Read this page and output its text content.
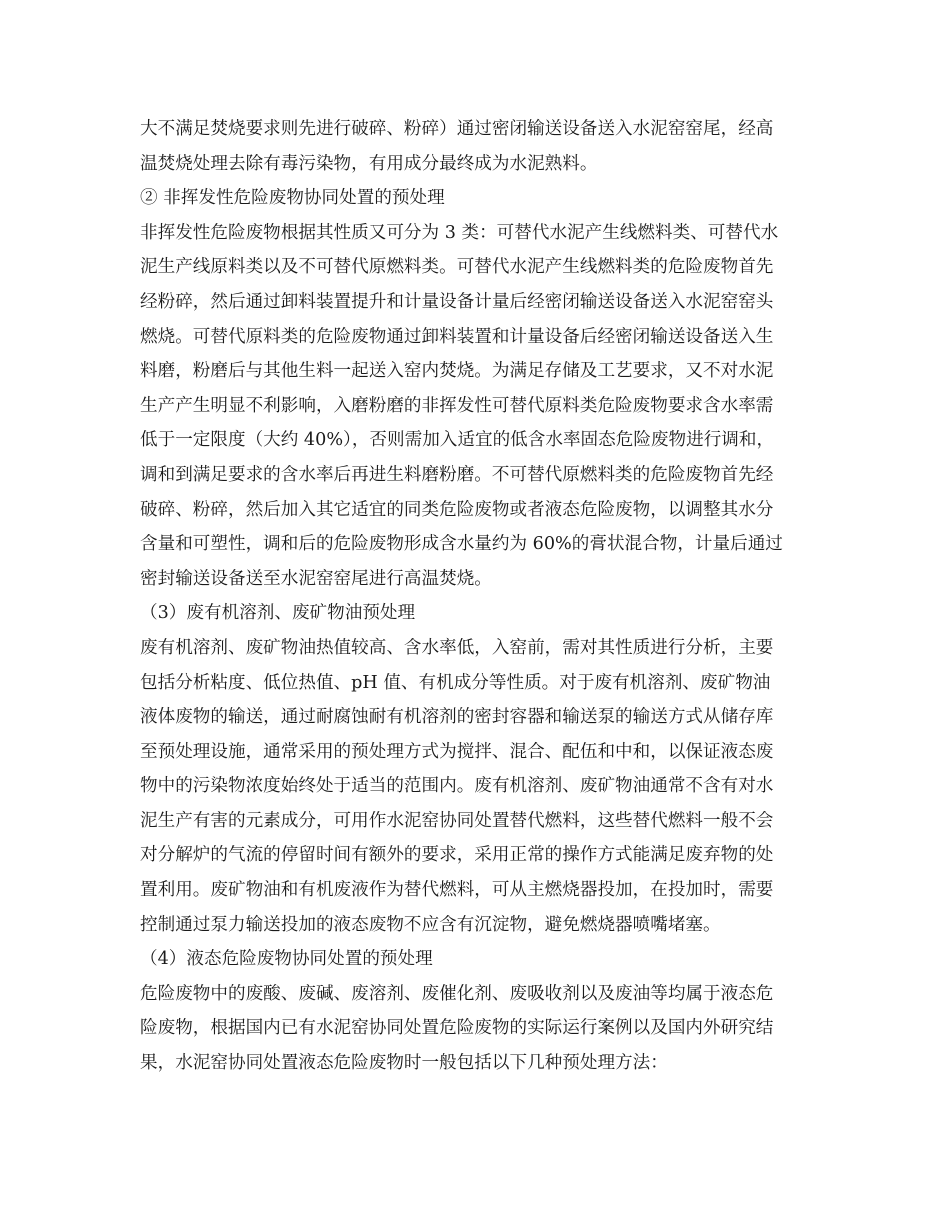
大不满足焚烧要求则先进行破碎、粉碎）通过密闭输送设备送入水泥窑窑尾，经高
温焚烧处理去除有毒污染物，有用成分最终成为水泥熟料。
② 非挥发性危险废物协同处置的预处理
非挥发性危险废物根据其性质又可分为 3 类：可替代水泥产生线燃料类、可替代水
泥生产线原料类以及不可替代原燃料类。可替代水泥产生线燃料类的危险废物首先
经粉碎，然后通过卸料装置提升和计量设备计量后经密闭输送设备送入水泥窑窑头
燃烧。可替代原料类的危险废物通过卸料装置和计量设备后经密闭输送设备送入生
料磨，粉磨后与其他生料一起送入窑内焚烧。为满足存储及工艺要求，又不对水泥
生产产生明显不利影响，入磨粉磨的非挥发性可替代原料类危险废物要求含水率需
低于一定限度（大约 40%），否则需加入适宜的低含水率固态危险废物进行调和，
调和到满足要求的含水率后再进生料磨粉磨。不可替代原燃料类的危险废物首先经
破碎、粉碎，然后加入其它适宜的同类危险废物或者液态危险废物，以调整其水分
含量和可塑性，调和后的危险废物形成含水量约为 60%的膏状混合物，计量后通过
密封输送设备送至水泥窑窑尾进行高温焚烧。
（3）废有机溶剂、废矿物油预处理
废有机溶剂、废矿物油热值较高、含水率低，入窑前，需对其性质进行分析，主要
包括分析粘度、低位热值、pH 值、有机成分等性质。对于废有机溶剂、废矿物油
液体废物的输送，通过耐腐蚀耐有机溶剂的密封容器和输送泵的输送方式从储存库
至预处理设施，通常采用的预处理方式为搅拌、混合、配伍和中和，以保证液态废
物中的污染物浓度始终处于适当的范围内。废有机溶剂、废矿物油通常不含有对水
泥生产有害的元素成分，可用作水泥窑协同处置替代燃料，这些替代燃料一般不会
对分解炉的气流的停留时间有额外的要求，采用正常的操作方式能满足废弃物的处
置利用。废矿物油和有机废液作为替代燃料，可从主燃烧器投加，在投加时，需要
控制通过泵力输送投加的液态废物不应含有沉淀物，避免燃烧器喷嘴堵塞。
（4）液态危险废物协同处置的预处理
危险废物中的废酸、废碱、废溶剂、废催化剂、废吸收剂以及废油等均属于液态危
险废物，根据国内已有水泥窑协同处置危险废物的实际运行案例以及国内外研究结
果，水泥窑协同处置液态危险废物时一般包括以下几种预处理方法：
